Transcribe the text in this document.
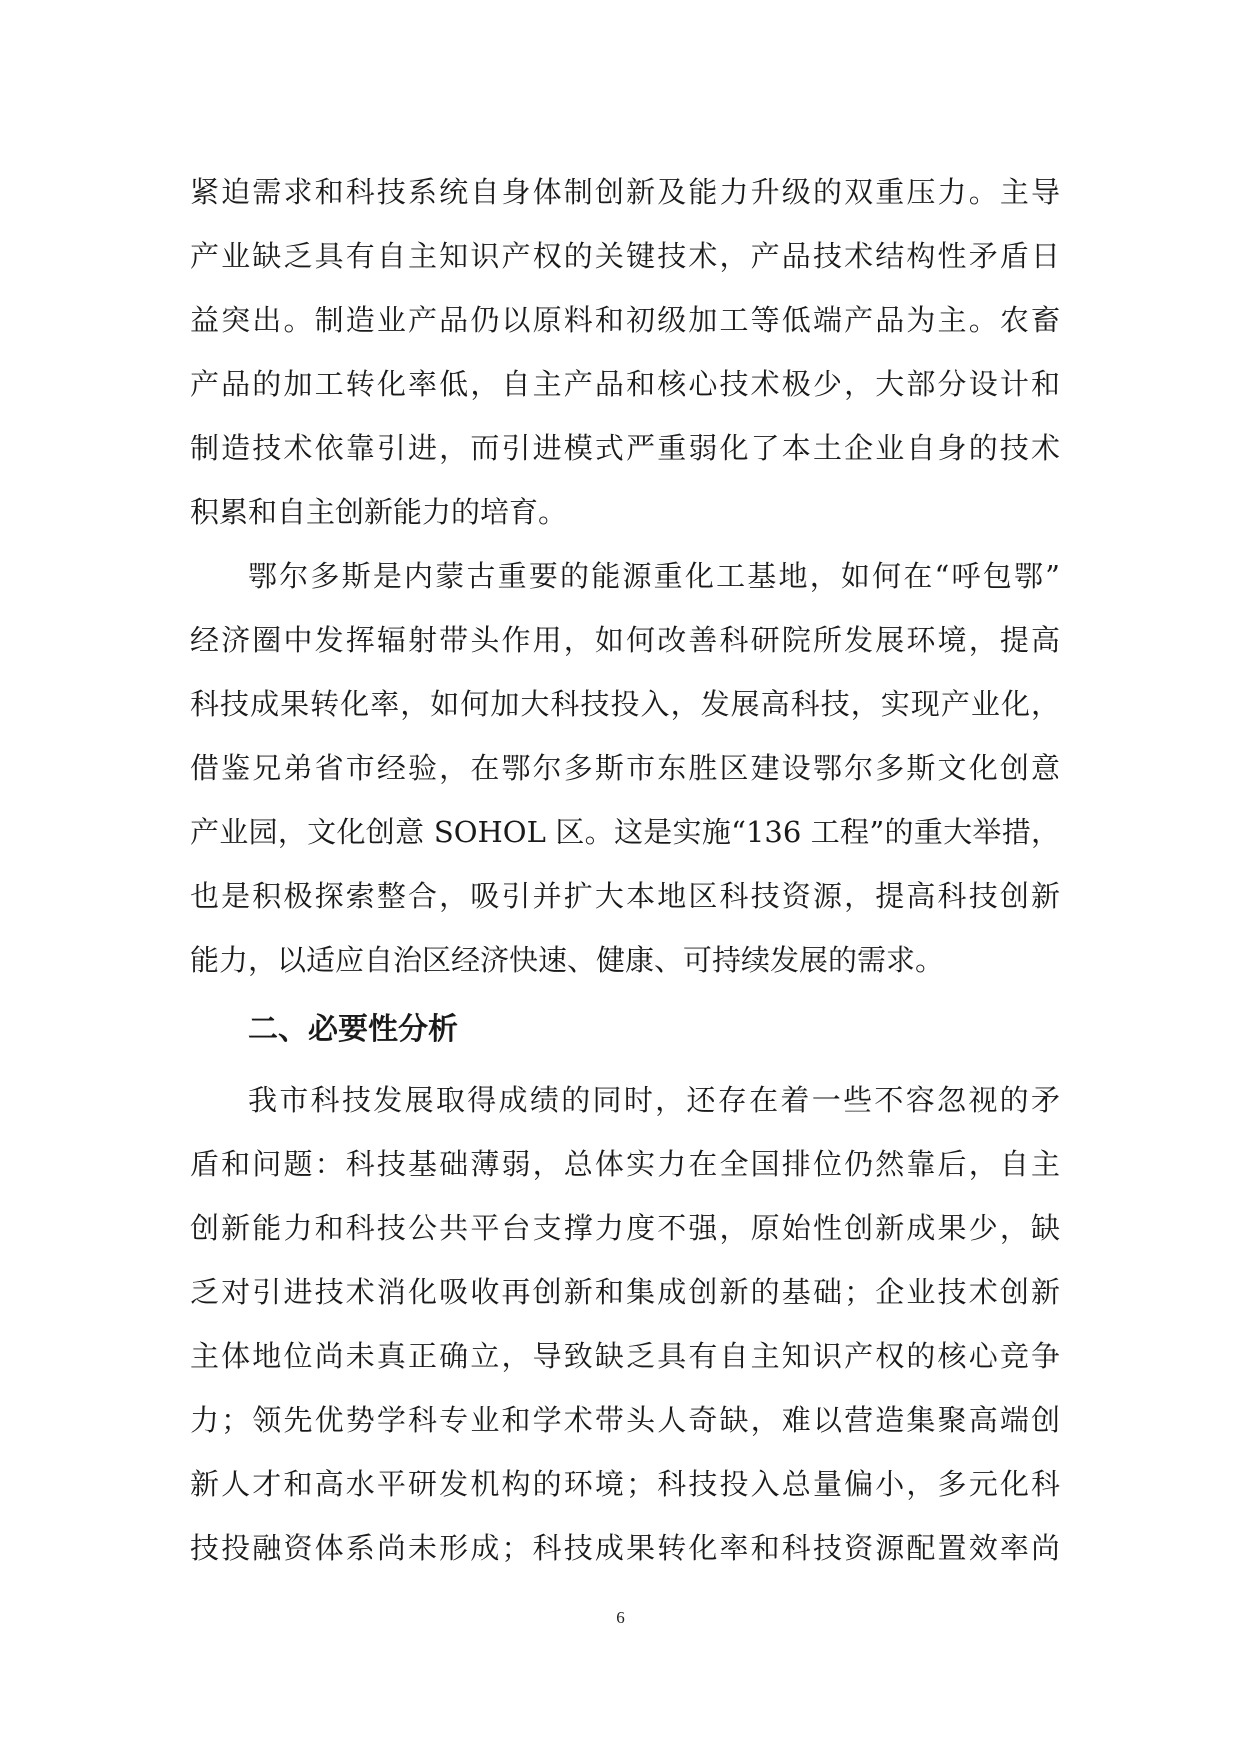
紧迫需求和科技系统自身体制创新及能力升级的双重压力。主导
产业缺乏具有自主知识产权的关键技术，产品技术结构性矛盾日
益突出。制造业产品仍以原料和初级加工等低端产品为主。农畜
产品的加工转化率低，自主产品和核心技术极少，大部分设计和
制造技术依靠引进，而引进模式严重弱化了本土企业自身的技术
积累和自主创新能力的培育。
鄂尔多斯是内蒙古重要的能源重化工基地，如何在“呼包鄂”
经济圈中发挥辐射带头作用，如何改善科研院所发展环境，提高
科技成果转化率，如何加大科技投入，发展高科技，实现产业化，
借鉴兄弟省市经验，在鄂尔多斯市东胜区建设鄂尔多斯文化创意
产业园，文化创意 SOHOL 区。这是实施“136 工程”的重大举措，
也是积极探索整合，吸引并扩大本地区科技资源，提高科技创新
能力，以适应自治区经济快速、健康、可持续发展的需求。
二、必要性分析
我市科技发展取得成绩的同时，还存在着一些不容忽视的矛
盾和问题：科技基础薄弱，总体实力在全国排位仍然靠后，自主
创新能力和科技公共平台支撑力度不强，原始性创新成果少，缺
乏对引进技术消化吸收再创新和集成创新的基础；企业技术创新
主体地位尚未真正确立，导致缺乏具有自主知识产权的核心竞争
力；领先优势学科专业和学术带头人奇缺，难以营造集聚高端创
新人才和高水平研发机构的环境；科技投入总量偏小，多元化科
技投融资体系尚未形成；科技成果转化率和科技资源配置效率尚
6
